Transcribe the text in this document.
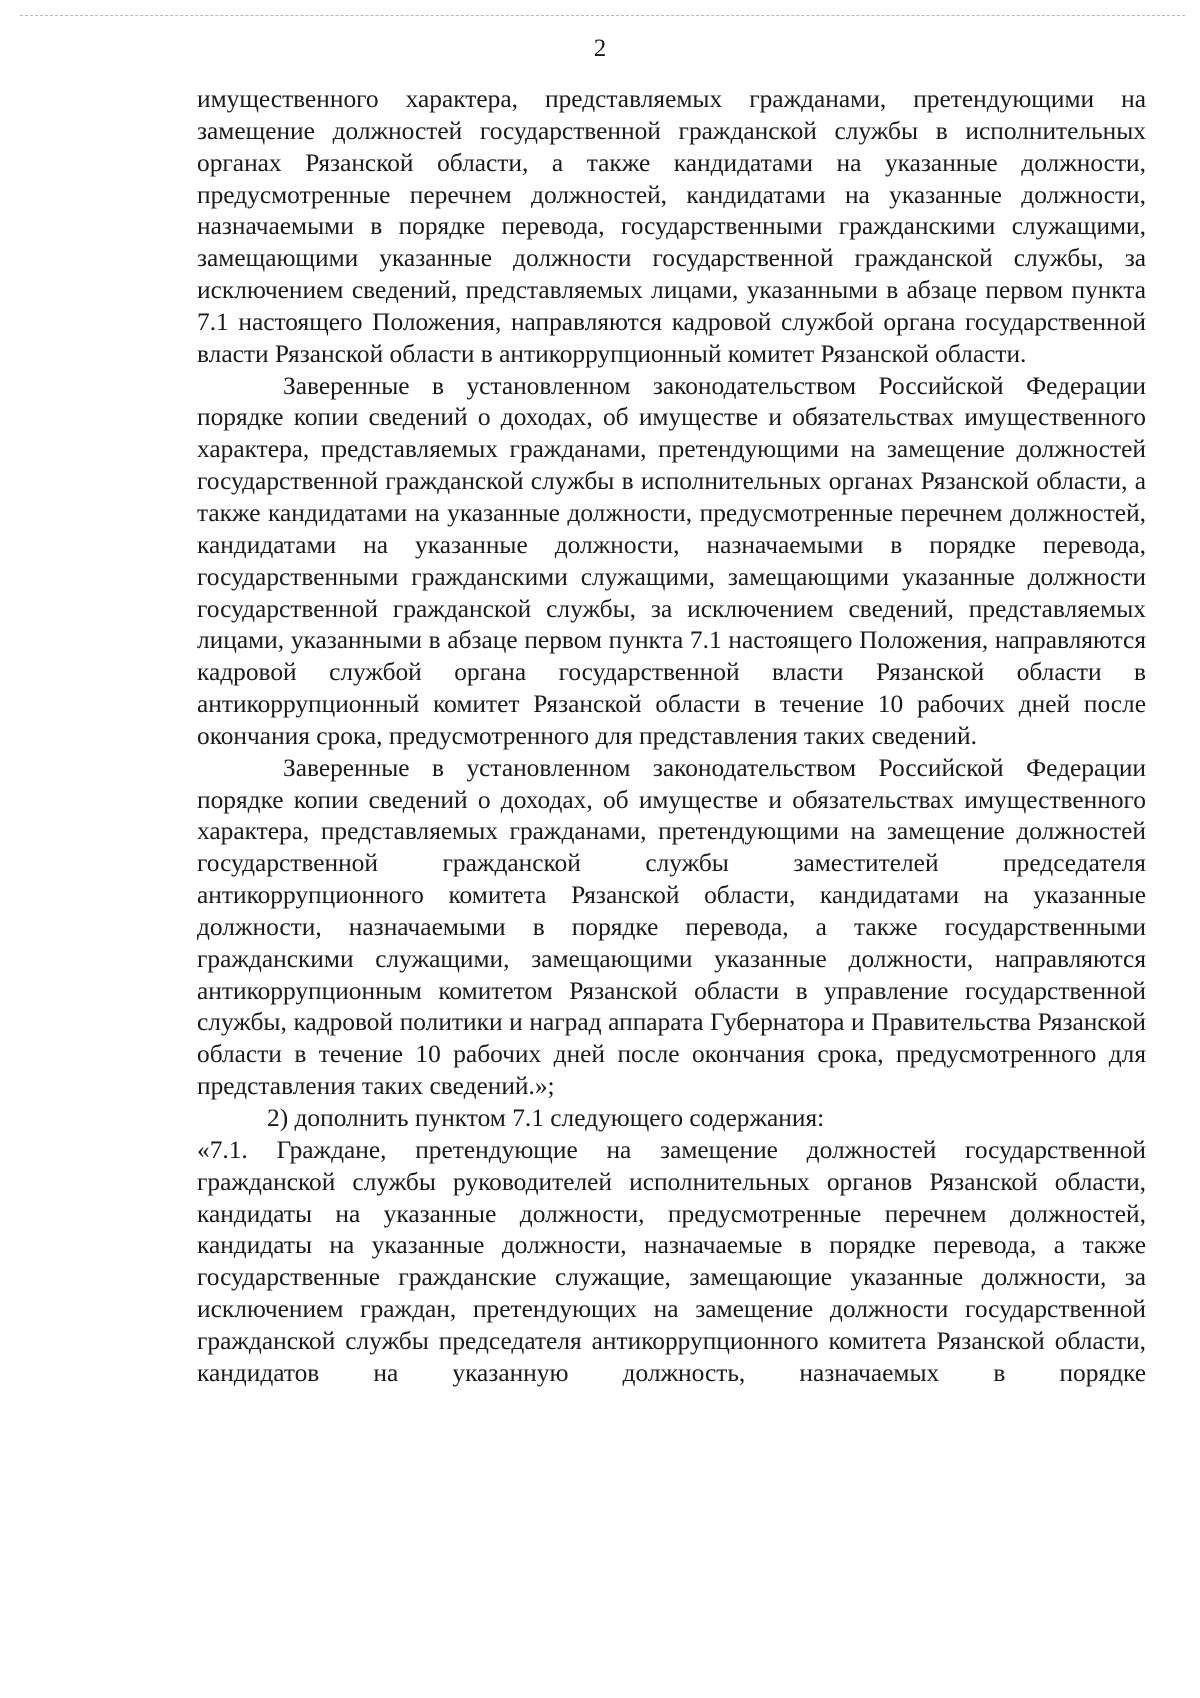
2

имущественного характера, представляемых гражданами, претендующими на замещение должностей государственной гражданской службы в исполнительных органах Рязанской области, а также кандидатами на указанные должности, предусмотренные перечнем должностей, кандидатами на указанные должности, назначаемыми в порядке перевода, государственными гражданскими служащими, замещающими указанные должности государственной гражданской службы, за исключением сведений, представляемых лицами, указанными в абзаце первом пункта 7.1 настоящего Положения, направляются кадровой службой органа государственной власти Рязанской области в антикоррупционный комитет Рязанской области.

Заверенные в установленном законодательством Российской Федерации порядке копии сведений о доходах, об имуществе и обязательствах имущественного характера, представляемых гражданами, претендующими на замещение должностей государственной гражданской службы в исполнительных органах Рязанской области, а также кандидатами на указанные должности, предусмотренные перечнем должностей, кандидатами на указанные должности, назначаемыми в порядке перевода, государственными гражданскими служащими, замещающими указанные должности государственной гражданской службы, за исключением сведений, представляемых лицами, указанными в абзаце первом пункта 7.1 настоящего Положения, направляются кадровой службой органа государственной власти Рязанской области в антикоррупционный комитет Рязанской области в течение 10 рабочих дней после окончания срока, предусмотренного для представления таких сведений.

Заверенные в установленном законодательством Российской Федерации порядке копии сведений о доходах, об имуществе и обязательствах имущественного характера, представляемых гражданами, претендующими на замещение должностей государственной гражданской службы заместителей председателя антикоррупционного комитета Рязанской области, кандидатами на указанные должности, назначаемыми в порядке перевода, а также государственными гражданскими служащими, замещающими указанные должности, направляются антикоррупционным комитетом Рязанской области в управление государственной службы, кадровой политики и наград аппарата Губернатора и Правительства Рязанской области в течение 10 рабочих дней после окончания срока, предусмотренного для представления таких сведений.»;

2) дополнить пунктом 7.1 следующего содержания:

«7.1. Граждане, претендующие на замещение должностей государственной гражданской службы руководителей исполнительных органов Рязанской области, кандидаты на указанные должности, предусмотренные перечнем должностей, кандидаты на указанные должности, назначаемые в порядке перевода, а также государственные гражданские служащие, замещающие указанные должности, за исключением граждан, претендующих на замещение должности государственной гражданской службы председателя антикоррупционного комитета Рязанской области, кандидатов на указанную должность, назначаемых в порядке
